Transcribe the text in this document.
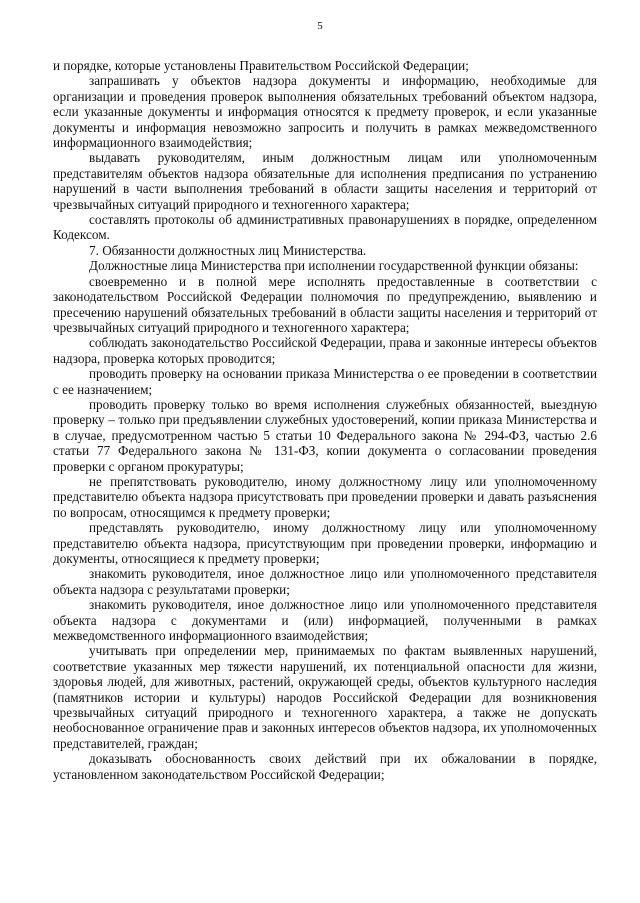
5

и порядке, которые установлены Правительством Российской Федерации;

запрашивать у объектов надзора документы и информацию, необходимые для организации и проведения проверок выполнения обязательных требований объектом надзора, если указанные документы и информация относятся к предмету проверок, и если указанные документы и информация невозможно запросить и получить в рамках межведомственного информационного взаимодействия;

выдавать руководителям, иным должностным лицам или уполномоченным представителям объектов надзора обязательные для исполнения предписания по устранению нарушений в части выполнения требований в области защиты населения и территорий от чрезвычайных ситуаций природного и техногенного характера;

составлять протоколы об административных правонарушениях в порядке, определенном Кодексом.

7. Обязанности должностных лиц Министерства.

Должностные лица Министерства при исполнении государственной функции обязаны:

своевременно и в полной мере исполнять предоставленные в соответствии с законодательством Российской Федерации полномочия по предупреждению, выявлению и пресечению нарушений обязательных требований в области защиты населения и территорий от чрезвычайных ситуаций природного и техногенного характера;

соблюдать законодательство Российской Федерации, права и законные интересы объектов надзора, проверка которых проводится;

проводить проверку на основании приказа Министерства о ее проведении в соответствии с ее назначением;

проводить проверку только во время исполнения служебных обязанностей, выездную проверку – только при предъявлении служебных удостоверений, копии приказа Министерства и в случае, предусмотренном частью 5 статьи 10 Федерального закона № 294-ФЗ, частью 2.6 статьи 77 Федерального закона № 131-ФЗ, копии документа о согласовании проведения проверки с органом прокуратуры;

не препятствовать руководителю, иному должностному лицу или уполномоченному представителю объекта надзора присутствовать при проведении проверки и давать разъяснения по вопросам, относящимся к предмету проверки;

представлять руководителю, иному должностному лицу или уполномоченному представителю объекта надзора, присутствующим при проведении проверки, информацию и документы, относящиеся к предмету проверки;

знакомить руководителя, иное должностное лицо или уполномоченного представителя объекта надзора с результатами проверки;

знакомить руководителя, иное должностное лицо или уполномоченного представителя объекта надзора с документами и (или) информацией, полученными в рамках межведомственного информационного взаимодействия;

учитывать при определении мер, принимаемых по фактам выявленных нарушений, соответствие указанных мер тяжести нарушений, их потенциальной опасности для жизни, здоровья людей, для животных, растений, окружающей среды, объектов культурного наследия (памятников истории и культуры) народов Российской Федерации для возникновения чрезвычайных ситуаций природного и техногенного характера, а также не допускать необоснованное ограничение прав и законных интересов объектов надзора, их уполномоченных представителей, граждан;

доказывать обоснованность своих действий при их обжаловании в порядке, установленном законодательством Российской Федерации;
